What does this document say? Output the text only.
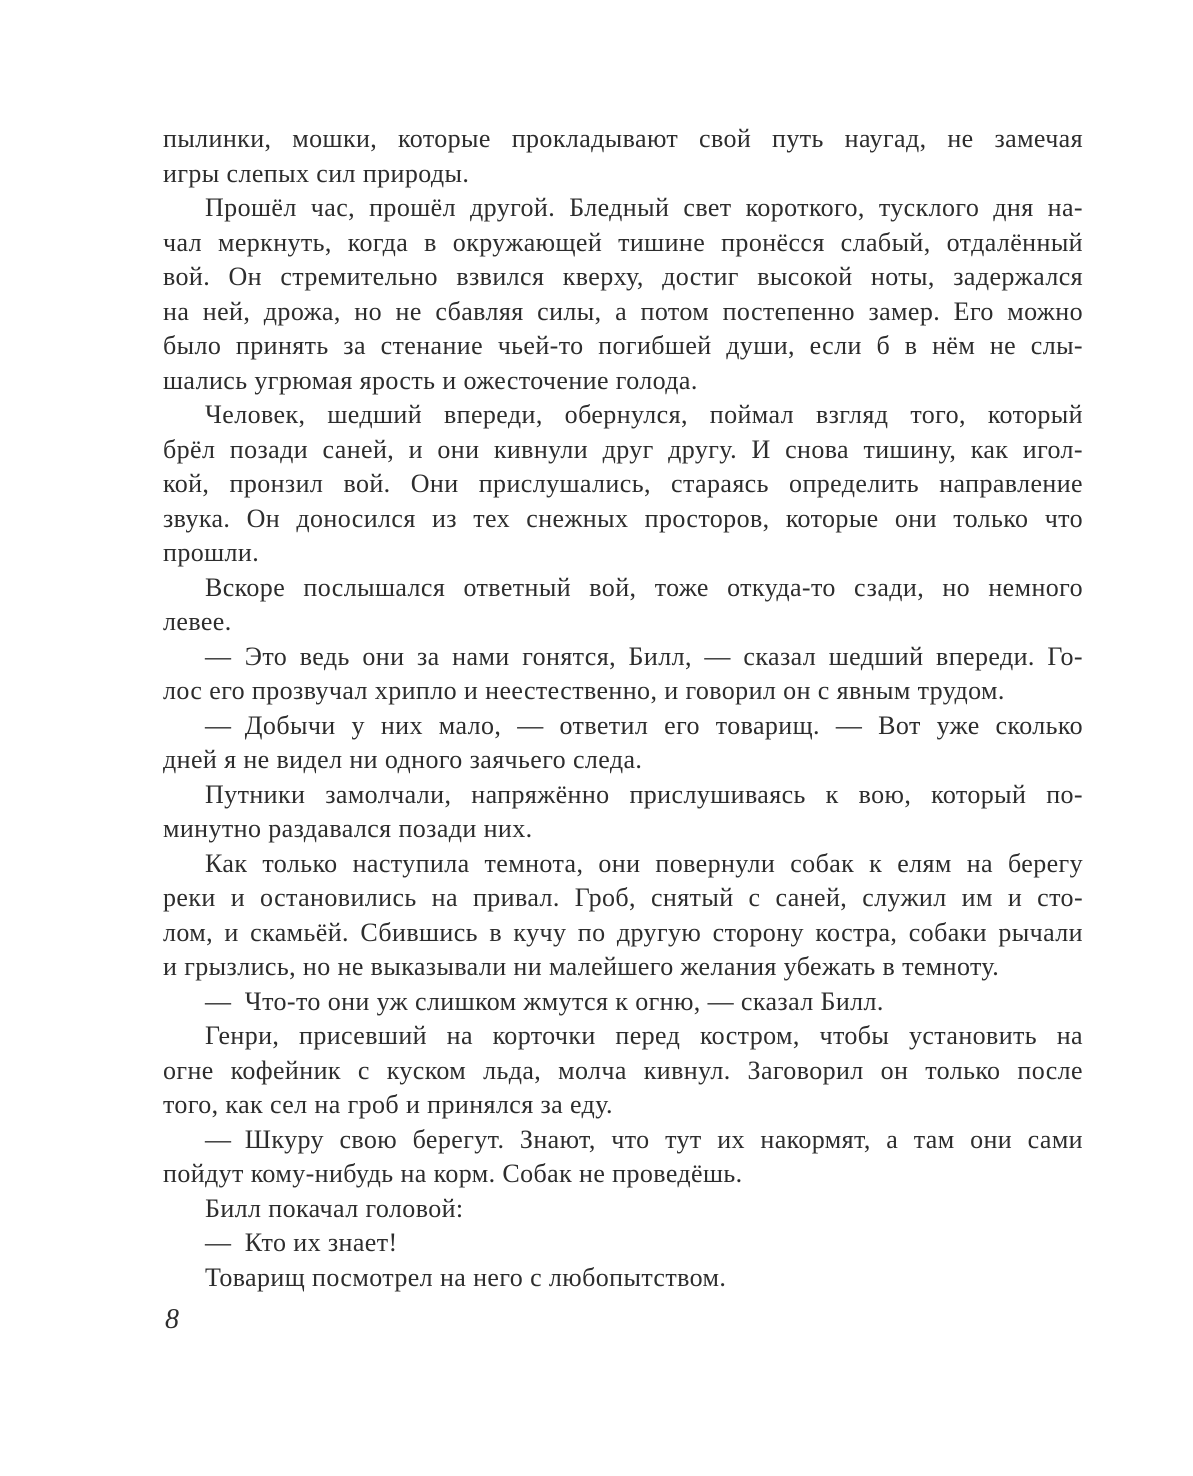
пылинки, мошки, которые прокладывают свой путь наугад, не замечая
игры слепых сил природы.
Прошёл час, прошёл другой. Бледный свет короткого, тусклого дня на-
чал меркнуть, когда в окружающей тишине пронёсся слабый, отдалённый
вой. Он стремительно взвился кверху, достиг высокой ноты, задержался
на ней, дрожа, но не сбавляя силы, а потом постепенно замер. Его можно
было принять за стенание чьей-то погибшей души, если б в нём не слы-
шались угрюмая ярость и ожесточение голода.
Человек, шедший впереди, обернулся, поймал взгляд того, который
брёл позади саней, и они кивнули друг другу. И снова тишину, как игол-
кой, пронзил вой. Они прислушались, стараясь определить направление
звука. Он доносился из тех снежных просторов, которые они только что
прошли.
Вскоре послышался ответный вой, тоже откуда-то сзади, но немного
левее.
— Это ведь они за нами гонятся, Билл, — сказал шедший впереди. Го-
лос его прозвучал хрипло и неестественно, и говорил он с явным трудом.
— Добычи у них мало, — ответил его товарищ. — Вот уже сколько
дней я не видел ни одного заячьего следа.
Путники замолчали, напряжённо прислушиваясь к вою, который по-
минутно раздавался позади них.
Как только наступила темнота, они повернули собак к елям на берегу
реки и остановились на привал. Гроб, снятый с саней, служил им и сто-
лом, и скамьёй. Сбившись в кучу по другую сторону костра, собаки рычали
и грызлись, но не выказывали ни малейшего желания убежать в темноту.
— Что-то они уж слишком жмутся к огню, — сказал Билл.
Генри, присевший на корточки перед костром, чтобы установить на
огне кофейник с куском льда, молча кивнул. Заговорил он только после
того, как сел на гроб и принялся за еду.
— Шкуру свою берегут. Знают, что тут их накормят, а там они сами
пойдут кому-нибудь на корм. Собак не проведёшь.
Билл покачал головой:
— Кто их знает!
Товарищ посмотрел на него с любопытством.
8
